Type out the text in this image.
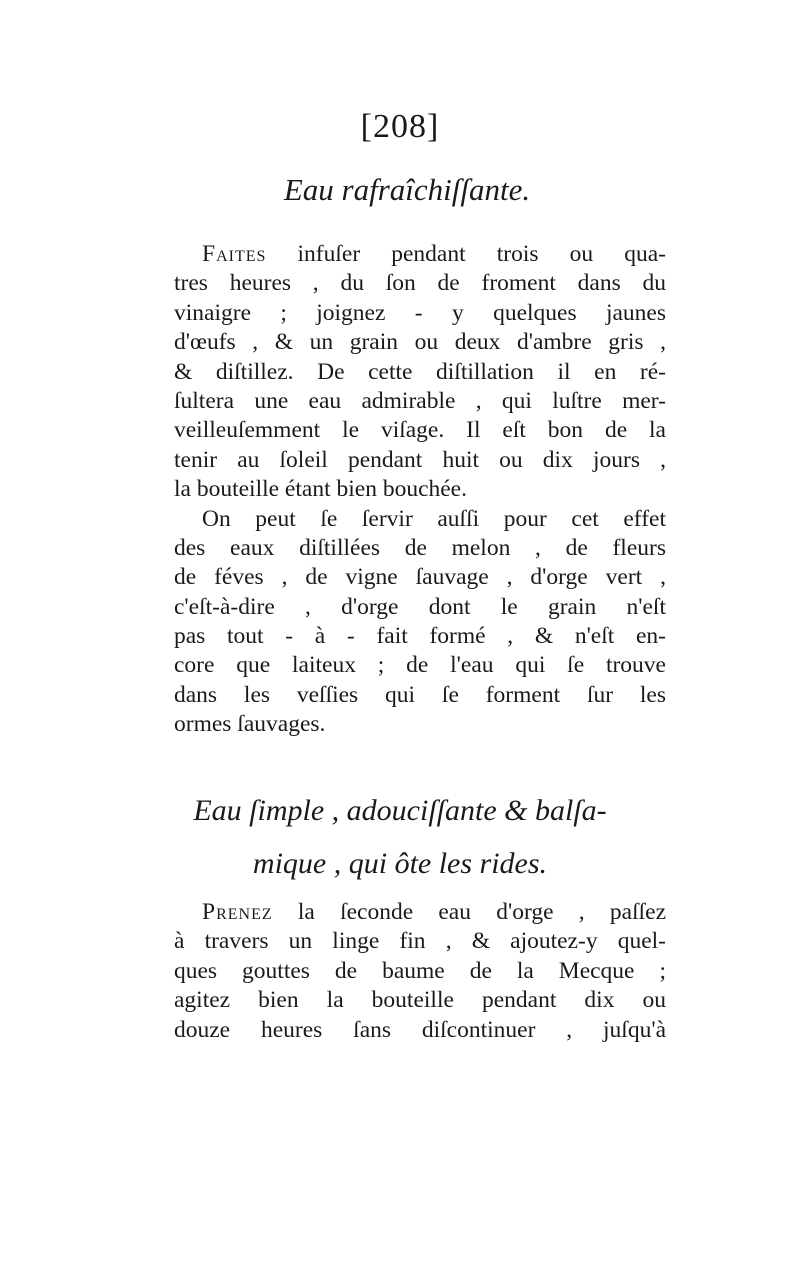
[208]
Eau rafraîchiſſante.
Faites infuſer pendant trois ou qua-
tres heures , du ſon de froment dans du
vinaigre ; joignez - y quelques jaunes
d'œufs , & un grain ou deux d'ambre gris ,
& diſtillez. De cette diſtillation il en ré-
ſultera une eau admirable , qui luſtre mer-
veilleuſemment le viſage. Il eſt bon de la
tenir au ſoleil pendant huit ou dix jours ,
la bouteille étant bien bouchée.
On peut ſe ſervir auſſi pour cet effet
des eaux diſtillées de melon , de fleurs
de féves , de vigne ſauvage , d'orge vert ,
c'eſt-à-dire , d'orge dont le grain n'eſt
pas tout - à - fait formé , & n'eſt en-
core que laiteux ; de l'eau qui ſe trouve
dans les veſſies qui ſe forment ſur les
ormes ſauvages.
Eau ſimple , adouciſſante & balſa-
mique , qui ôte les rides.
Prenez la ſeconde eau d'orge , paſſez
à travers un linge fin , & ajoutez-y quel-
ques gouttes de baume de la Mecque ;
agitez bien la bouteille pendant dix ou
douze heures ſans diſcontinuer , juſqu'à
